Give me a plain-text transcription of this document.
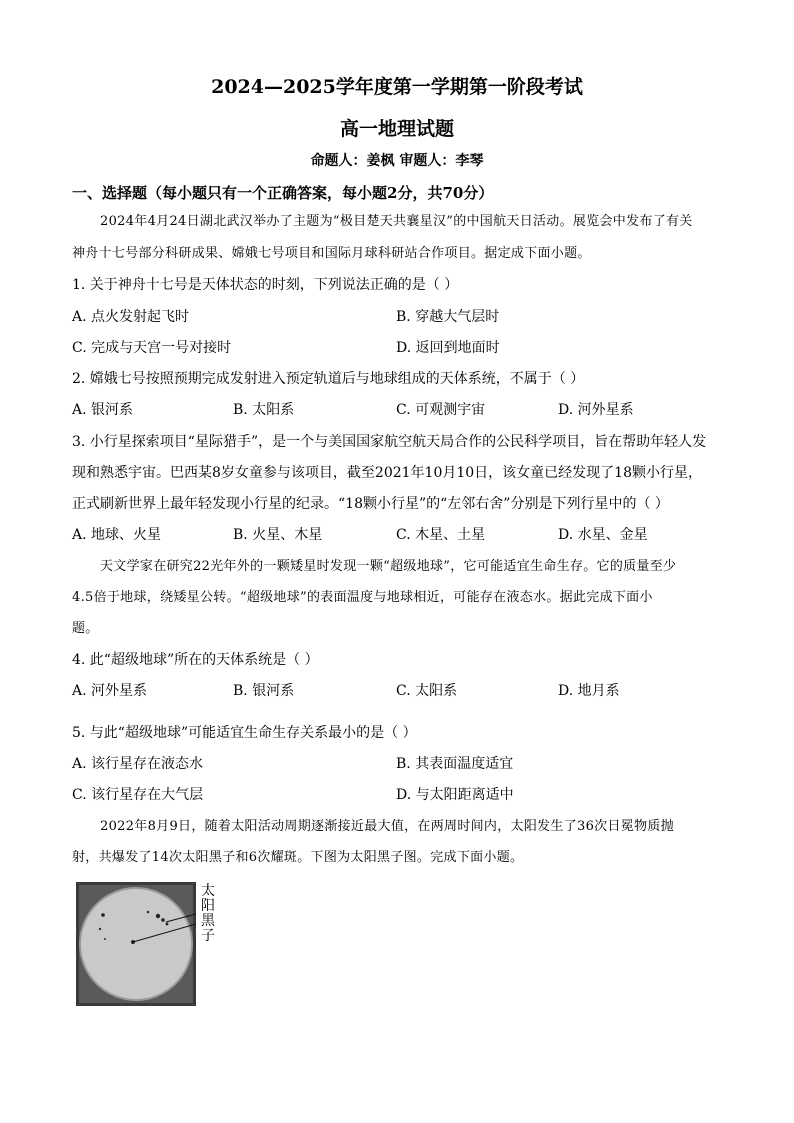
2024—2025学年度第一学期第一阶段考试
高一地理试题
命题人：姜枫 审题人：李琴
一、选择题（每小题只有一个正确答案，每小题2分，共70分）
2024年4月24日湖北武汉举办了主题为“极目楚天共襄星汉”的中国航天日活动。展览会中发布了有关
神舟十七号部分科研成果、嫦娥七号项目和国际月球科研站合作项目。据定成下面小题。
1. 关于神舟十七号是天体状态的时刻，下列说法正确的是（ ）
A. 点火发射起飞时	B. 穿越大气层时
C. 完成与天宫一号对接时	D. 返回到地面时
2. 嫦娥七号按照预期完成发射进入预定轨道后与地球组成的天体系统，不属于（ ）
A. 银河系	B. 太阳系	C. 可观测宇宙	D. 河外星系
3. 小行星探索项目“星际猎手”，是一个与美国国家航空航天局合作的公民科学项目，旨在帮助年轻人发
现和熟悉宇宙。巴西某8岁女童参与该项目，截至2021年10月10日，该女童已经发现了18颗小行星，
正式刷新世界上最年轻发现小行星的纪录。“18颗小行星”的“左邻右舍”分别是下列行星中的（ ）
A. 地球、火星	B. 火星、木星	C. 木星、土星	D. 水星、金星
天文学家在研究22光年外的一颗矮星时发现一颗“超级地球”，它可能适宜生命生存。它的质量至少
4.5倍于地球，绕矮星公转。“超级地球”的表面温度与地球相近，可能存在液态水。据此完成下面小
题。
4. 此“超级地球”所在的天体系统是（ ）
A. 河外星系	B. 银河系	C. 太阳系	D. 地月系
5. 与此“超级地球”可能适宜生命生存关系最小的是（ ）
A. 该行星存在液态水	B. 其表面温度适宜
C. 该行星存在大气层	D. 与太阳距离适中
2022年8月9日，随着太阳活动周期逐渐接近最大值，在两周时间内，太阳发生了36次日冕物质抛
射，共爆发了14次太阳黑子和6次耀斑。下图为太阳黑子图。完成下面小题。
太
阳
黑
子
